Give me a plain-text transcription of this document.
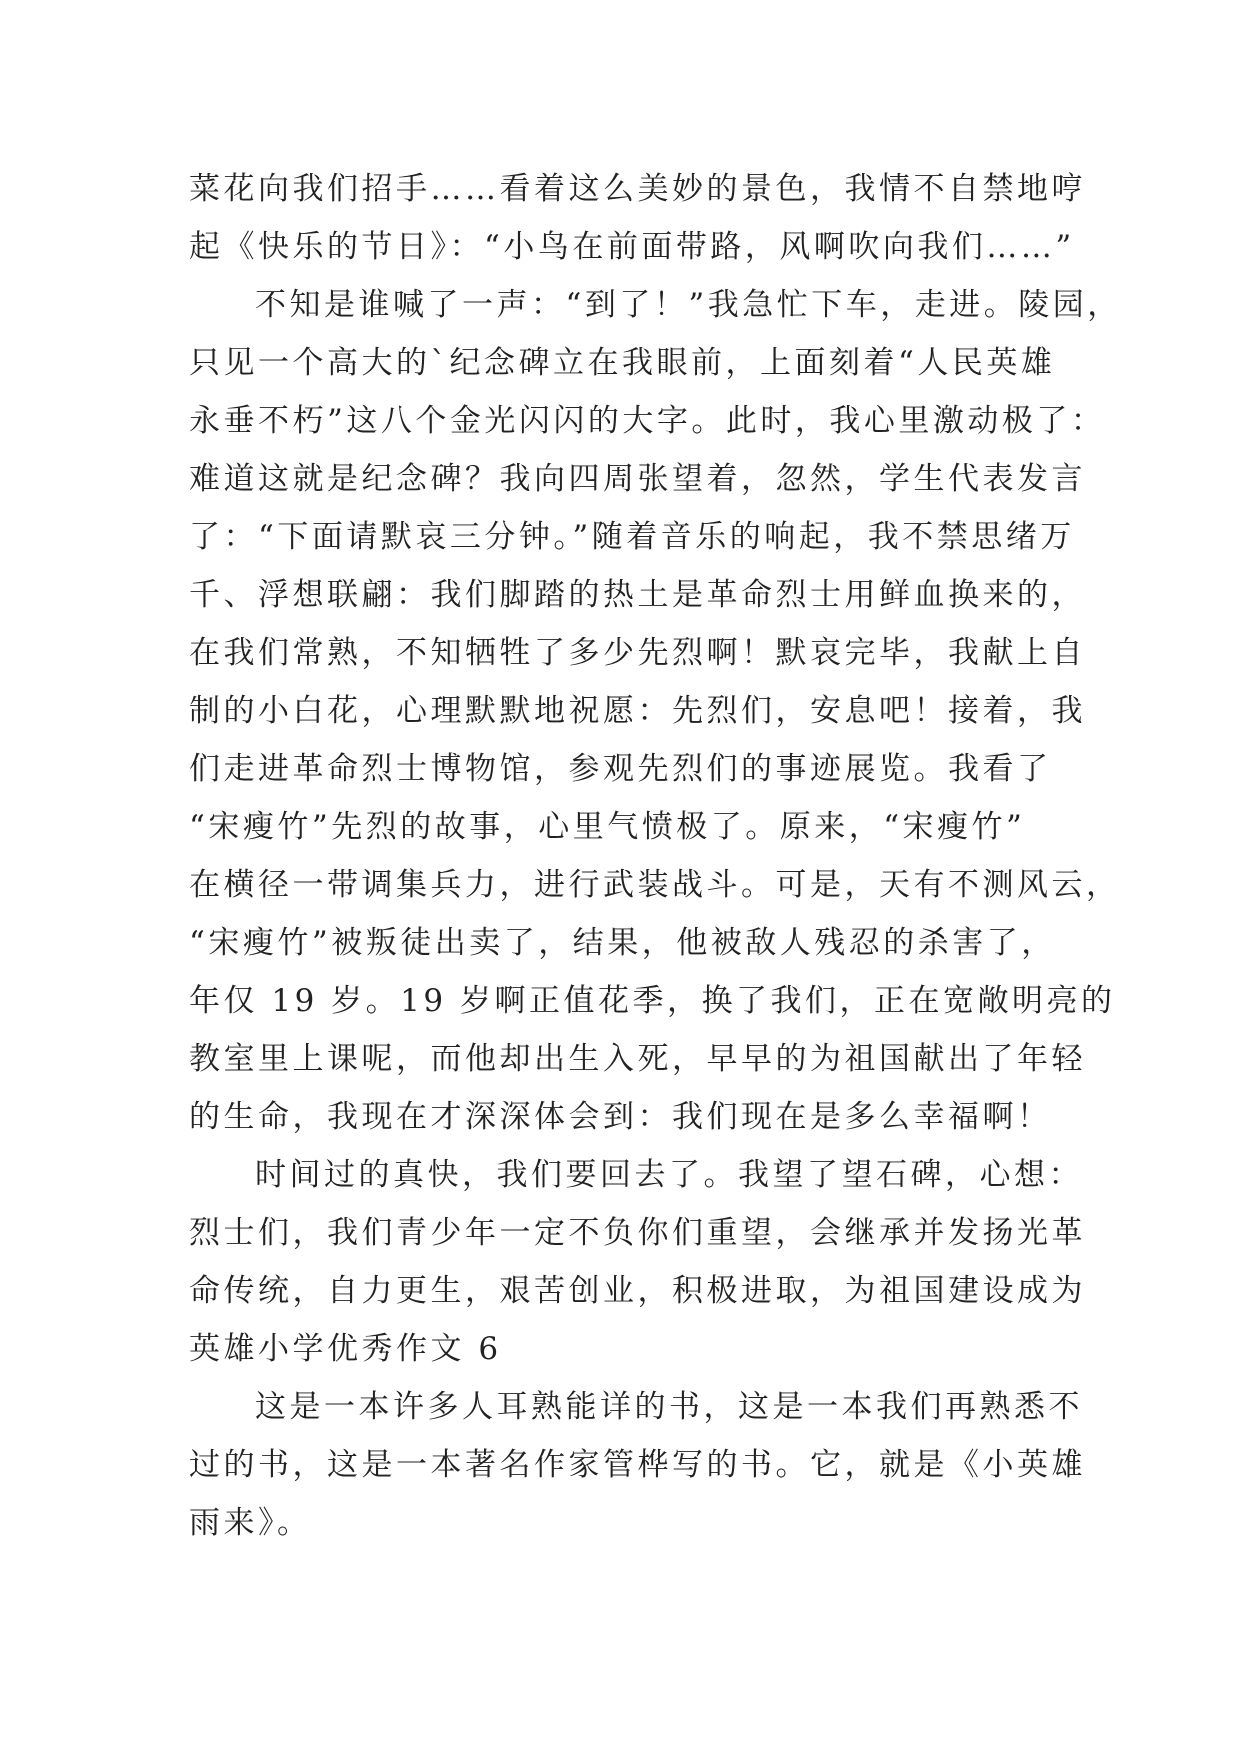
菜花向我们招手……看着这么美妙的景色，我情不自禁地哼
起《快乐的节日》：“小鸟在前面带路，风啊吹向我们……”
不知是谁喊了一声：“到了！”我急忙下车，走进。陵园，
只见一个高大的`纪念碑立在我眼前，上面刻着“人民英雄
永垂不朽”这八个金光闪闪的大字。此时，我心里激动极了：
难道这就是纪念碑？我向四周张望着，忽然，学生代表发言
了：“下面请默哀三分钟。”随着音乐的响起，我不禁思绪万
千、浮想联翩：我们脚踏的热土是革命烈士用鲜血换来的，
在我们常熟，不知牺牲了多少先烈啊！默哀完毕，我献上自
制的小白花，心理默默地祝愿：先烈们，安息吧！接着，我
们走进革命烈士博物馆，参观先烈们的事迹展览。我看了
“宋瘦竹”先烈的故事，心里气愤极了。原来，“宋瘦竹”
在横径一带调集兵力，进行武装战斗。可是，天有不测风云，
“宋瘦竹”被叛徒出卖了，结果，他被敌人残忍的杀害了，
年仅 19 岁。19 岁啊正值花季，换了我们，正在宽敞明亮的
教室里上课呢，而他却出生入死，早早的为祖国献出了年轻
的生命，我现在才深深体会到：我们现在是多么幸福啊！
时间过的真快，我们要回去了。我望了望石碑，心想：
烈士们，我们青少年一定不负你们重望，会继承并发扬光革
命传统，自力更生，艰苦创业，积极进取，为祖国建设成为
英雄小学优秀作文 6
这是一本许多人耳熟能详的书，这是一本我们再熟悉不
过的书，这是一本著名作家管桦写的书。它，就是《小英雄
雨来》。
